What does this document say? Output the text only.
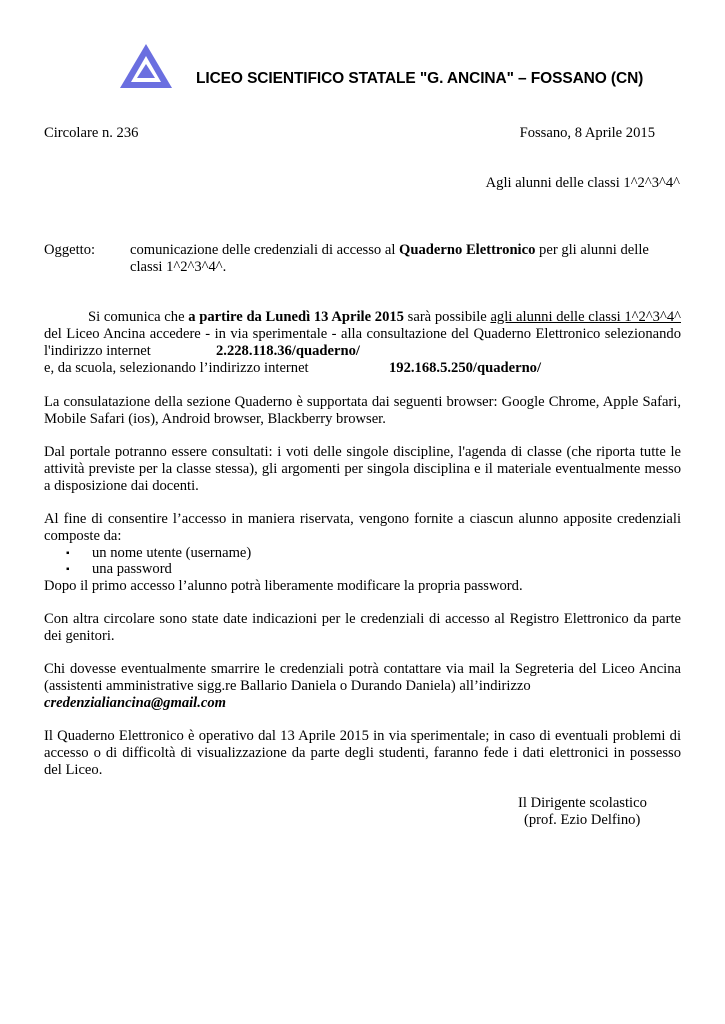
LICEO SCIENTIFICO STATALE "G. ANCINA" – FOSSANO (CN)
Circolare n. 236	Fossano, 8 Aprile 2015
Agli alunni delle classi 1^2^3^4^
Oggetto: comunicazione delle credenziali di accesso al Quaderno Elettronico per gli alunni delle
classi 1^2^3^4^.
Si comunica che a partire da Lunedì 13 Aprile 2015 sarà possibile agli alunni delle classi 1^2^3^4^
del Liceo Ancina accedere - in via sperimentale - alla consultazione del Quaderno Elettronico selezionando
l'indirizzo internet	2.228.118.36/quaderno/
e, da scuola, selezionando l’indirizzo internet	192.168.5.250/quaderno/
La consulatazione della sezione Quaderno è supportata dai seguenti browser: Google Chrome, Apple Safari,
Mobile Safari (ios), Android browser, Blackberry browser.
Dal portale potranno essere consultati: i voti delle singole discipline, l'agenda di classe (che riporta tutte le
attività previste per la classe stessa), gli argomenti per singola disciplina e il materiale eventualmente messo
a disposizione dai docenti.
Al fine di consentire l’accesso in maniera riservata, vengono fornite a ciascun alunno apposite credenziali
composte da:
▪ un nome utente (username)
▪ una password
Dopo il primo accesso l’alunno potrà liberamente modificare la propria password.
Con altra circolare sono state date indicazioni per le credenziali di accesso al Registro Elettronico da parte
dei genitori.
Chi dovesse eventualmente smarrire le credenziali potrà contattare via mail la Segreteria del Liceo Ancina
(assistenti amministrative sigg.re Ballario Daniela o Durando Daniela) all’indirizzo
credenzialiancina@gmail.com
Il Quaderno Elettronico è operativo dal 13 Aprile 2015 in via sperimentale; in caso di eventuali problemi di
accesso o di difficoltà di visualizzazione da parte degli studenti, faranno fede i dati elettronici in possesso
del Liceo.
Il Dirigente scolastico
(prof. Ezio Delfino)
